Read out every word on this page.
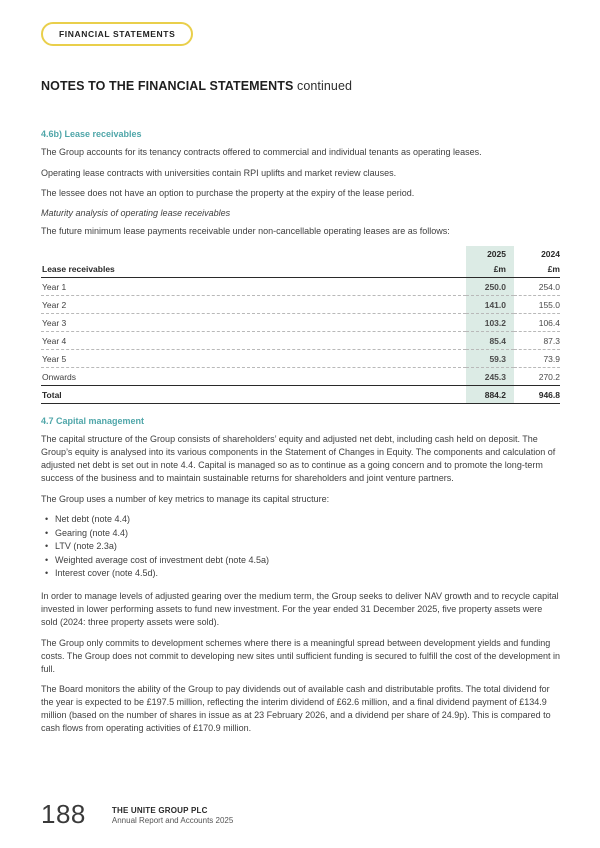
FINANCIAL STATEMENTS
NOTES TO THE FINANCIAL STATEMENTS continued
4.6b) Lease receivables

The Group accounts for its tenancy contracts offered to commercial and individual tenants as operating leases.

Operating lease contracts with universities contain RPI uplifts and market review clauses.

The lessee does not have an option to purchase the property at the expiry of the lease period.

Maturity analysis of operating lease receivables

The future minimum lease payments receivable under non-cancellable operating leases are as follows:

	2025	2024
Lease receivables	£m	£m
Year 1	250.0	254.0
Year 2	141.0	155.0
Year 3	103.2	106.4
Year 4	85.4	87.3
Year 5	59.3	73.9
Onwards	245.3	270.2
Total	884.2	946.8
4.7 Capital management

The capital structure of the Group consists of shareholders’ equity and adjusted net debt, including cash held on deposit. The Group’s equity is analysed into its various components in the Statement of Changes in Equity. The components and calculation of adjusted net debt is set out in note 4.4. Capital is managed so as to continue as a going concern and to promote the long-term success of the business and to maintain sustainable returns for shareholders and joint venture partners.

The Group uses a number of key metrics to manage its capital structure:

• Net debt (note 4.4)
• Gearing (note 4.4)
• LTV (note 2.3a)
• Weighted average cost of investment debt (note 4.5a)
• Interest cover (note 4.5d).

In order to manage levels of adjusted gearing over the medium term, the Group seeks to deliver NAV growth and to recycle capital invested in lower performing assets to fund new investment. For the year ended 31 December 2025, five property assets were sold (2024: three property assets were sold).

The Group only commits to development schemes where there is a meaningful spread between development yields and funding costs. The Group does not commit to developing new sites until sufficient funding is secured to fulfill the cost of the development in full.

The Board monitors the ability of the Group to pay dividends out of available cash and distributable profits. The total dividend for the year is expected to be £197.5 million, reflecting the interim dividend of £62.6 million, and a final dividend payment of £134.9 million (based on the number of shares in issue as at 23 February 2026, and a dividend per share of 24.9p). This is compared to cash flows from operating activities of £170.9 million.

188	THE UNITE GROUP PLC
Annual Report and Accounts 2025
